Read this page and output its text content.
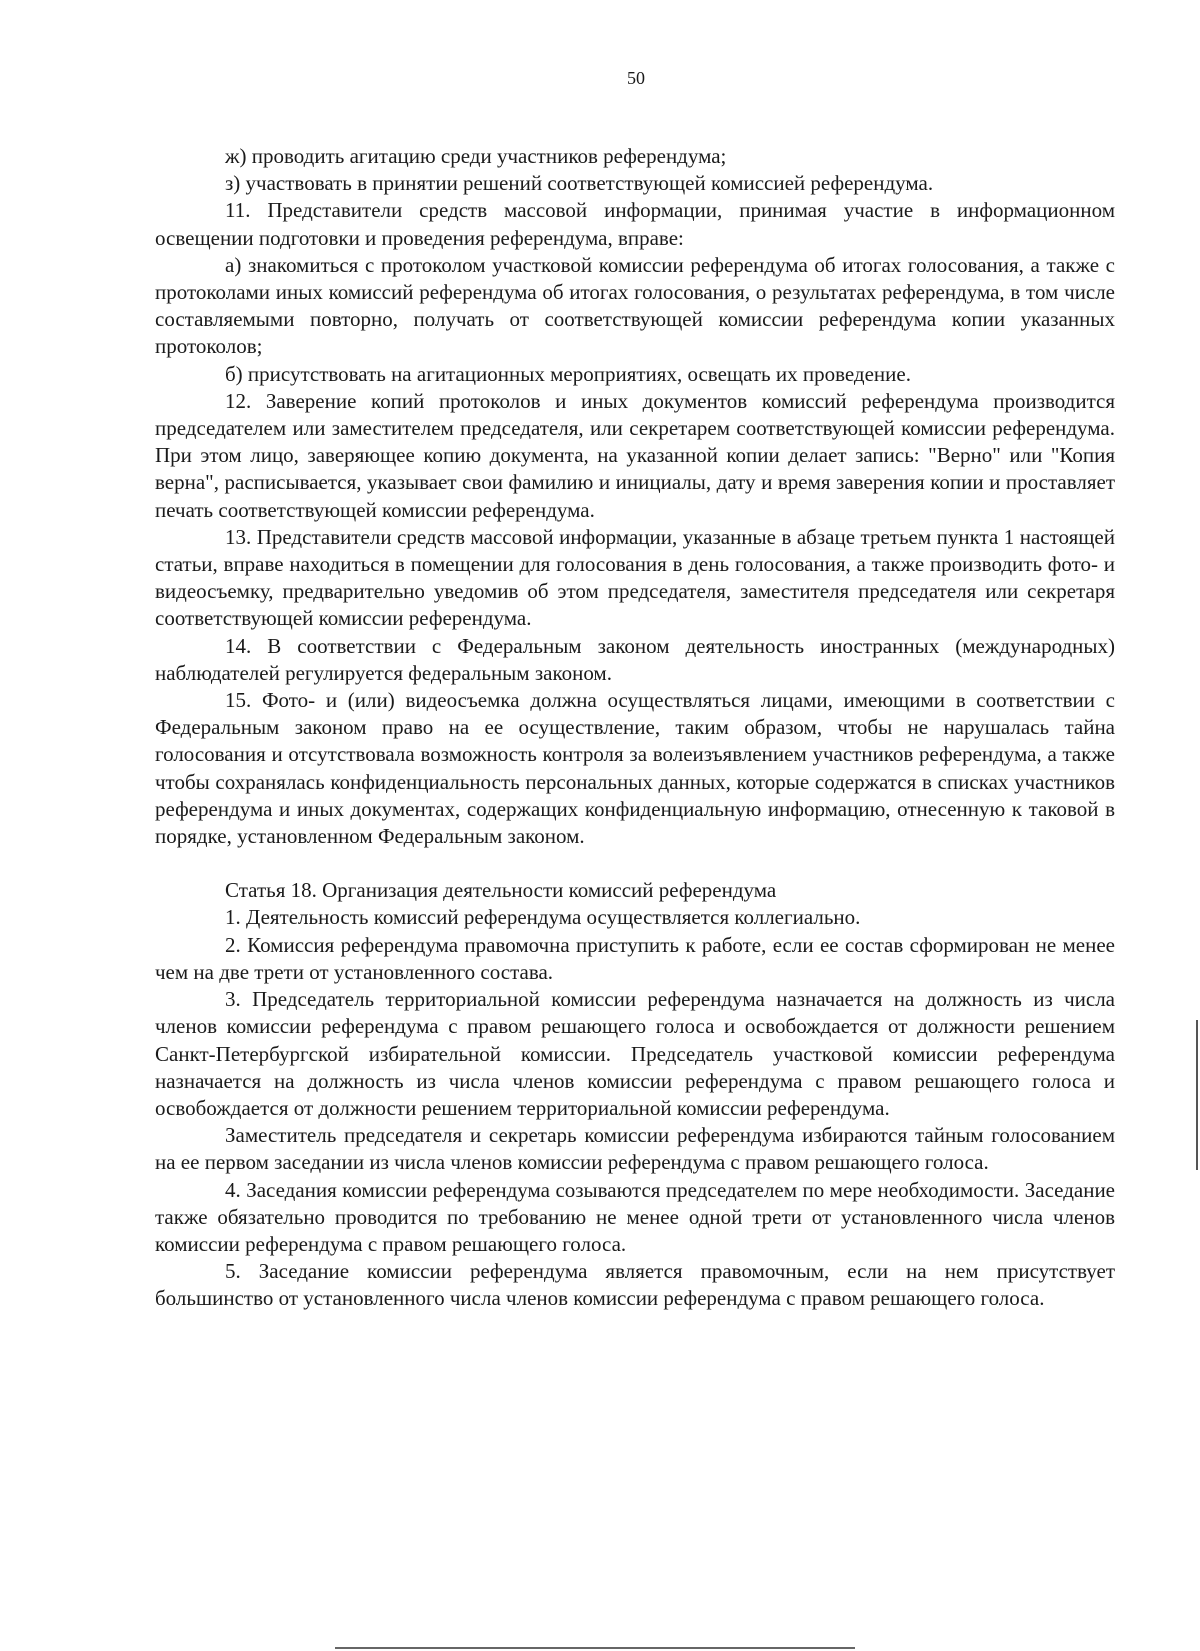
50

ж) проводить агитацию среди участников референдума;

з) участвовать в принятии решений соответствующей комиссией референдума.

11. Представители средств массовой информации, принимая участие в информационном освещении подготовки и проведения референдума, вправе:

а) знакомиться с протоколом участковой комиссии референдума об итогах голосования, а также с протоколами иных комиссий референдума об итогах голосования, о результатах референдума, в том числе составляемыми повторно, получать от соответствующей комиссии референдума копии указанных протоколов;

б) присутствовать на агитационных мероприятиях, освещать их проведение.

12. Заверение копий протоколов и иных документов комиссий референдума производится председателем или заместителем председателя, или секретарем соответствующей комиссии референдума. При этом лицо, заверяющее копию документа, на указанной копии делает запись: "Верно" или "Копия верна", расписывается, указывает свои фамилию и инициалы, дату и время заверения копии и проставляет печать соответствующей комиссии референдума.

13. Представители средств массовой информации, указанные в абзаце третьем пункта 1 настоящей статьи, вправе находиться в помещении для голосования в день голосования, а также производить фото- и видеосъемку, предварительно уведомив об этом председателя, заместителя председателя или секретаря соответствующей комиссии референдума.

14. В соответствии с Федеральным законом деятельность иностранных (международных) наблюдателей регулируется федеральным законом.

15. Фото- и (или) видеосъемка должна осуществляться лицами, имеющими в соответствии с Федеральным законом право на ее осуществление, таким образом, чтобы не нарушалась тайна голосования и отсутствовала возможность контроля за волеизъявлением участников референдума, а также чтобы сохранялась конфиденциальность персональных данных, которые содержатся в списках участников референдума и иных документах, содержащих конфиденциальную информацию, отнесенную к таковой в порядке, установленном Федеральным законом.

Статья 18. Организация деятельности комиссий референдума

1. Деятельность комиссий референдума осуществляется коллегиально.

2. Комиссия референдума правомочна приступить к работе, если ее состав сформирован не менее чем на две трети от установленного состава.

3. Председатель территориальной комиссии референдума назначается на должность из числа членов комиссии референдума с правом решающего голоса и освобождается от должности решением Санкт-Петербургской избирательной комиссии. Председатель участковой комиссии референдума назначается на должность из числа членов комиссии референдума с правом решающего голоса и освобождается от должности решением территориальной комиссии референдума.

Заместитель председателя и секретарь комиссии референдума избираются тайным голосованием на ее первом заседании из числа членов комиссии референдума с правом решающего голоса.

4. Заседания комиссии референдума созываются председателем по мере необходимости. Заседание также обязательно проводится по требованию не менее одной трети от установленного числа членов комиссии референдума с правом решающего голоса.

5. Заседание комиссии референдума является правомочным, если на нем присутствует большинство от установленного числа членов комиссии референдума с правом решающего голоса.
